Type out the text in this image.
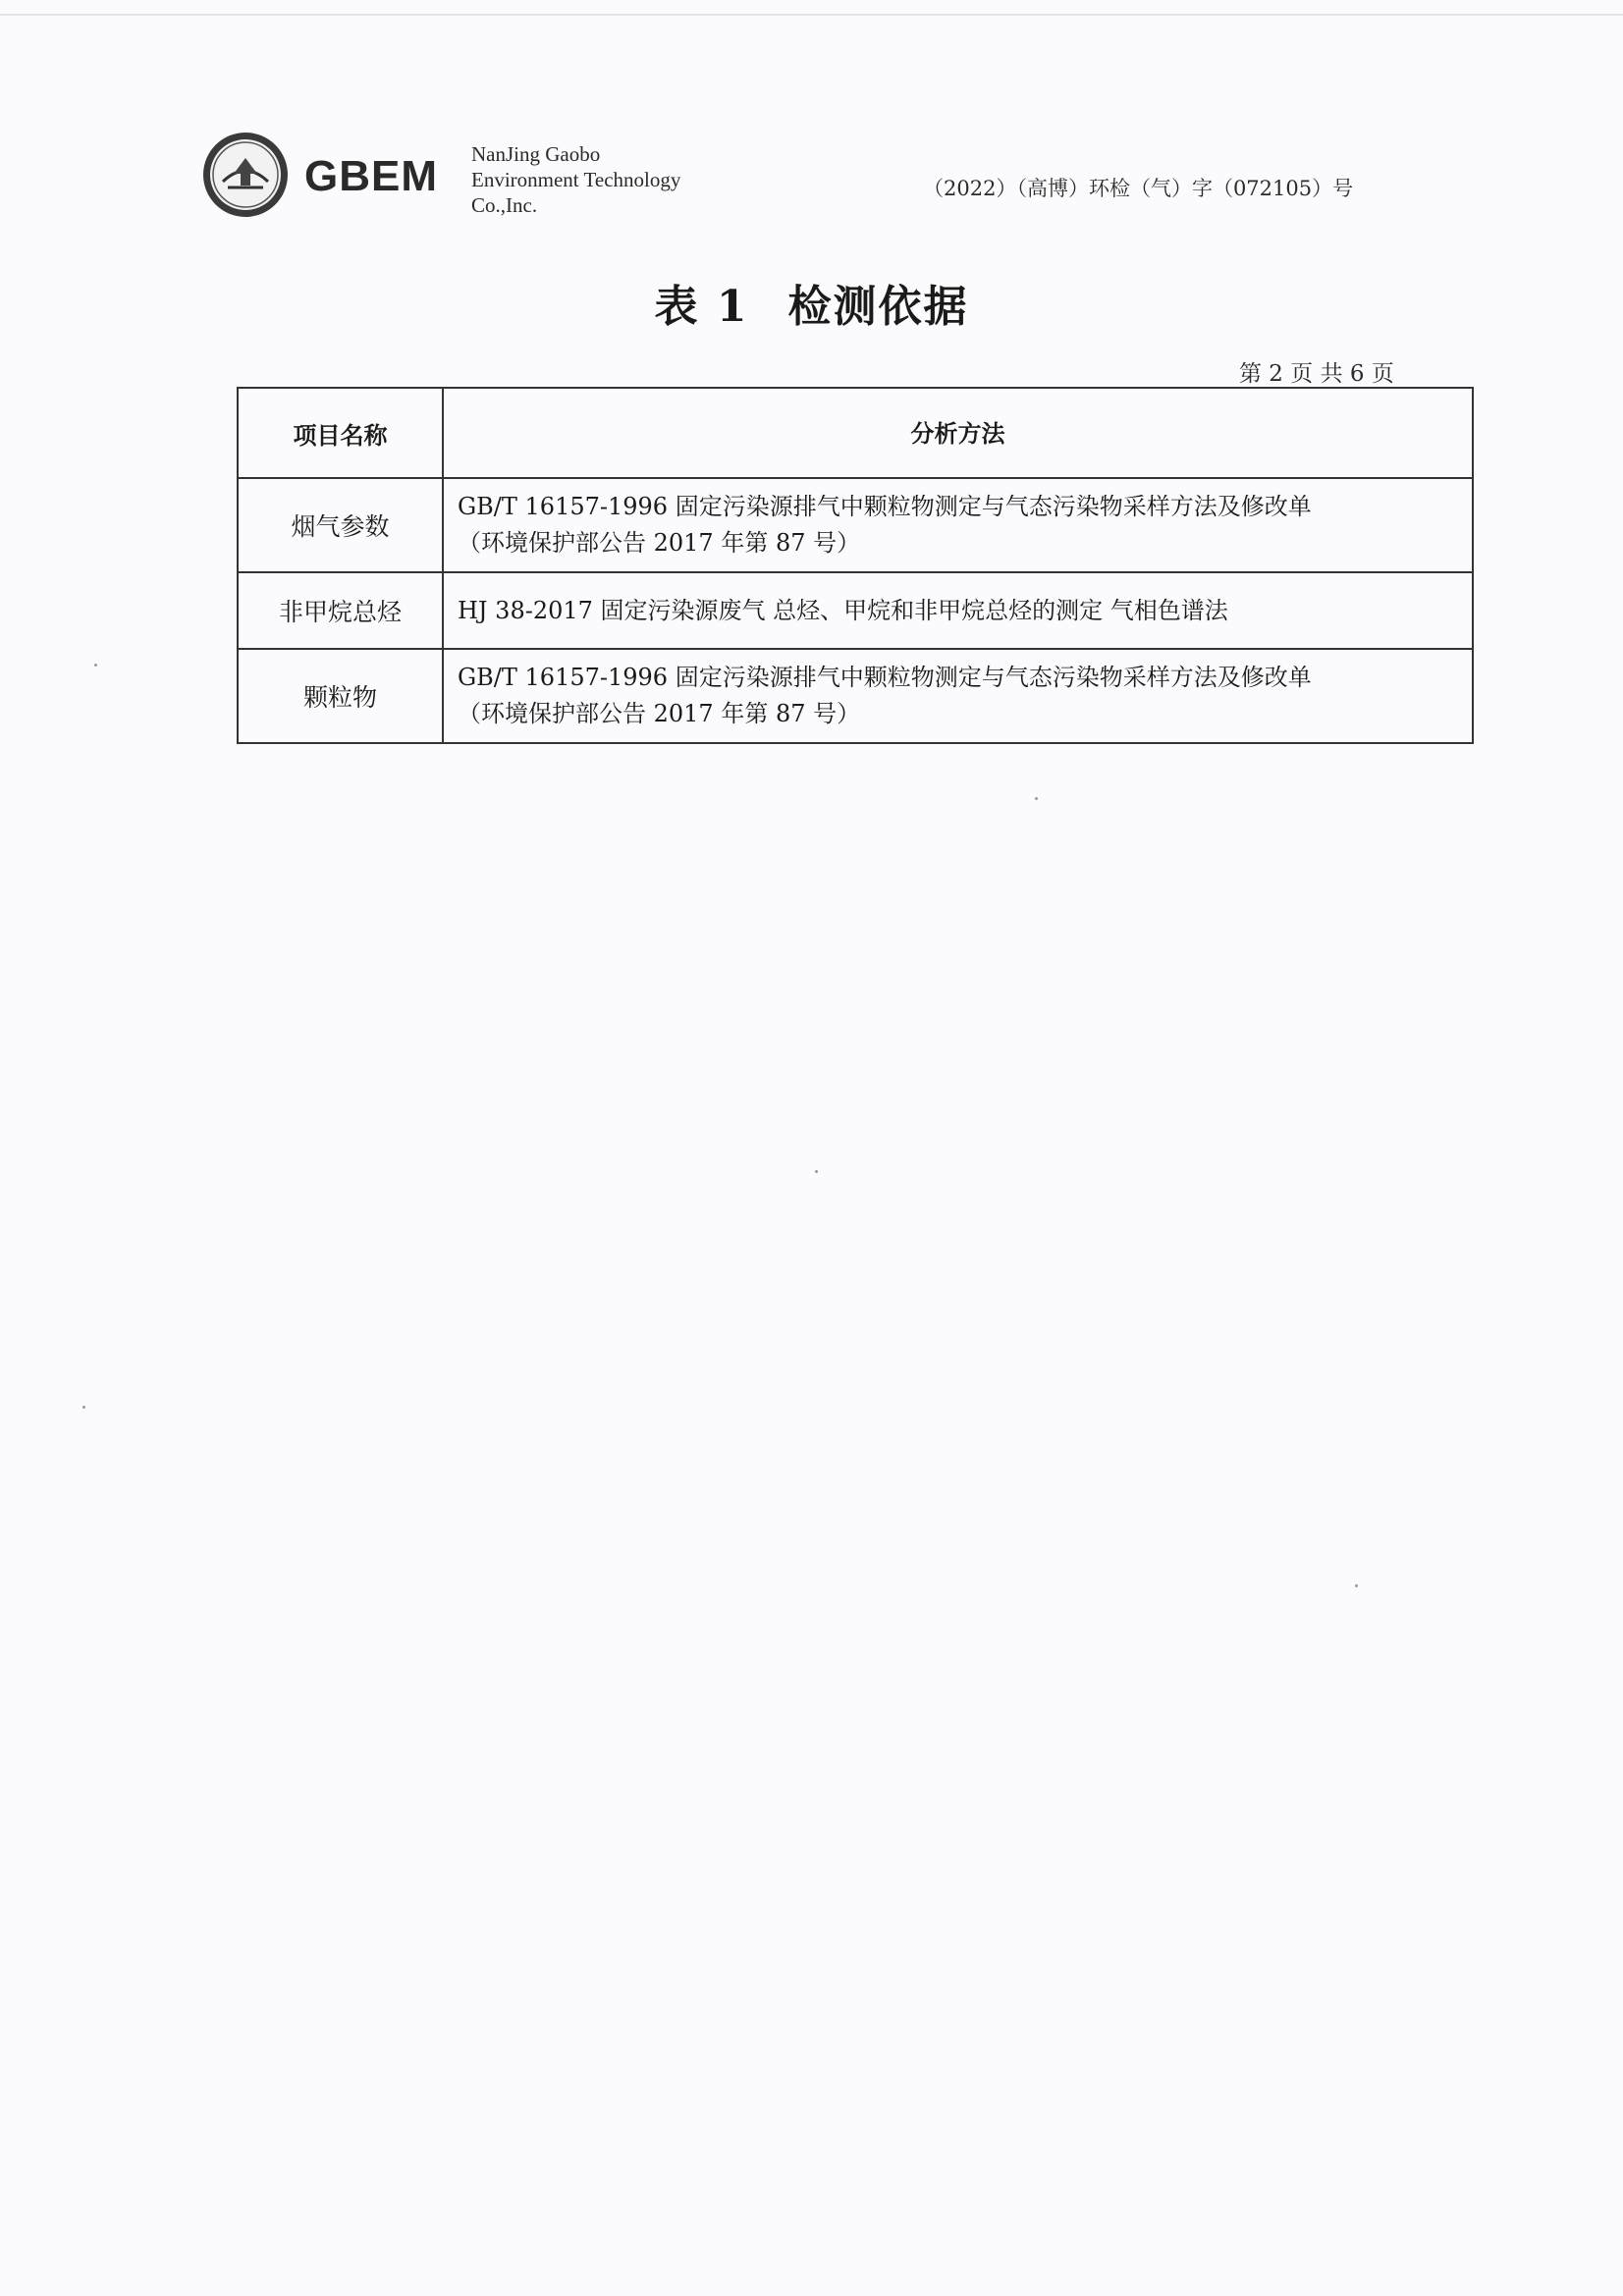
GBEM NanJing Gaobo
Environment Technology
Co.,Inc.
（2022）（高博）环检（气）字（072105）号
表 1 检测依据
第 2 页 共 6 页
项目名称	分析方法
烟气参数	GB/T 16157-1996 固定污染源排气中颗粒物测定与气态污染物采样方法及修改单
（环境保护部公告 2017 年第 87 号）

非甲烷总烃	HJ 38-2017 固定污染源废气 总烃、甲烷和非甲烷总烃的测定 气相色谱法

颗粒物	GB/T 16157-1996 固定污染源排气中颗粒物测定与气态污染物采样方法及修改单
（环境保护部公告 2017 年第 87 号）
